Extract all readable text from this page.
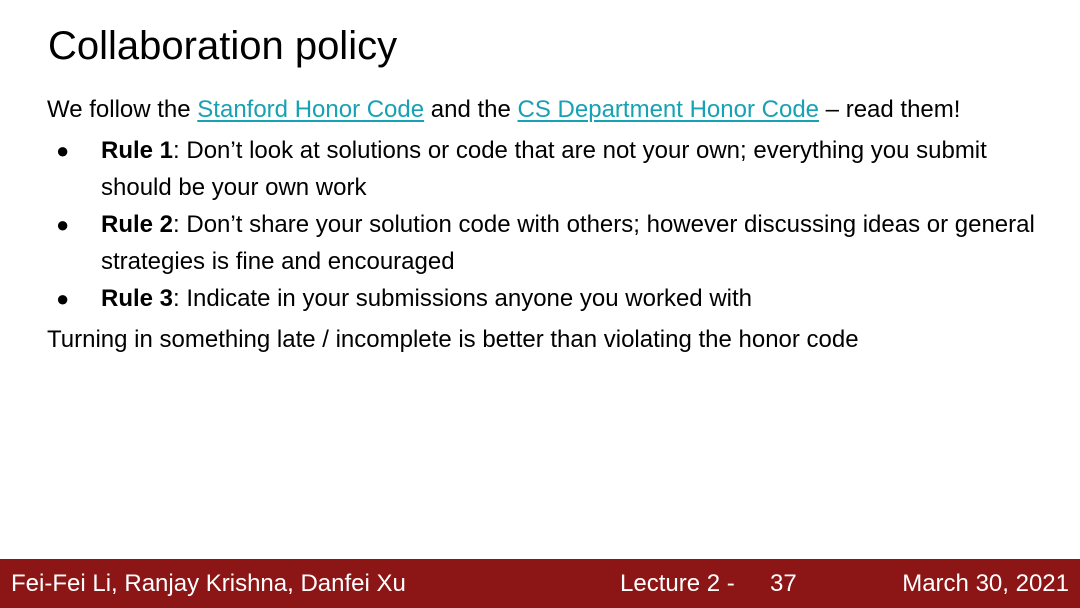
Collaboration policy

We follow the Stanford Honor Code and the CS Department Honor Code – read them!

● Rule 1: Don’t look at solutions or code that are not your own; everything you submit should be your own work
● Rule 2: Don’t share your solution code with others; however discussing ideas or general strategies is fine and encouraged
● Rule 3: Indicate in your submissions anyone you worked with

Turning in something late / incomplete is better than violating the honor code

Fei-Fei Li, Ranjay Krishna, Danfei Xu	Lecture 2 - 37	March 30, 2021
